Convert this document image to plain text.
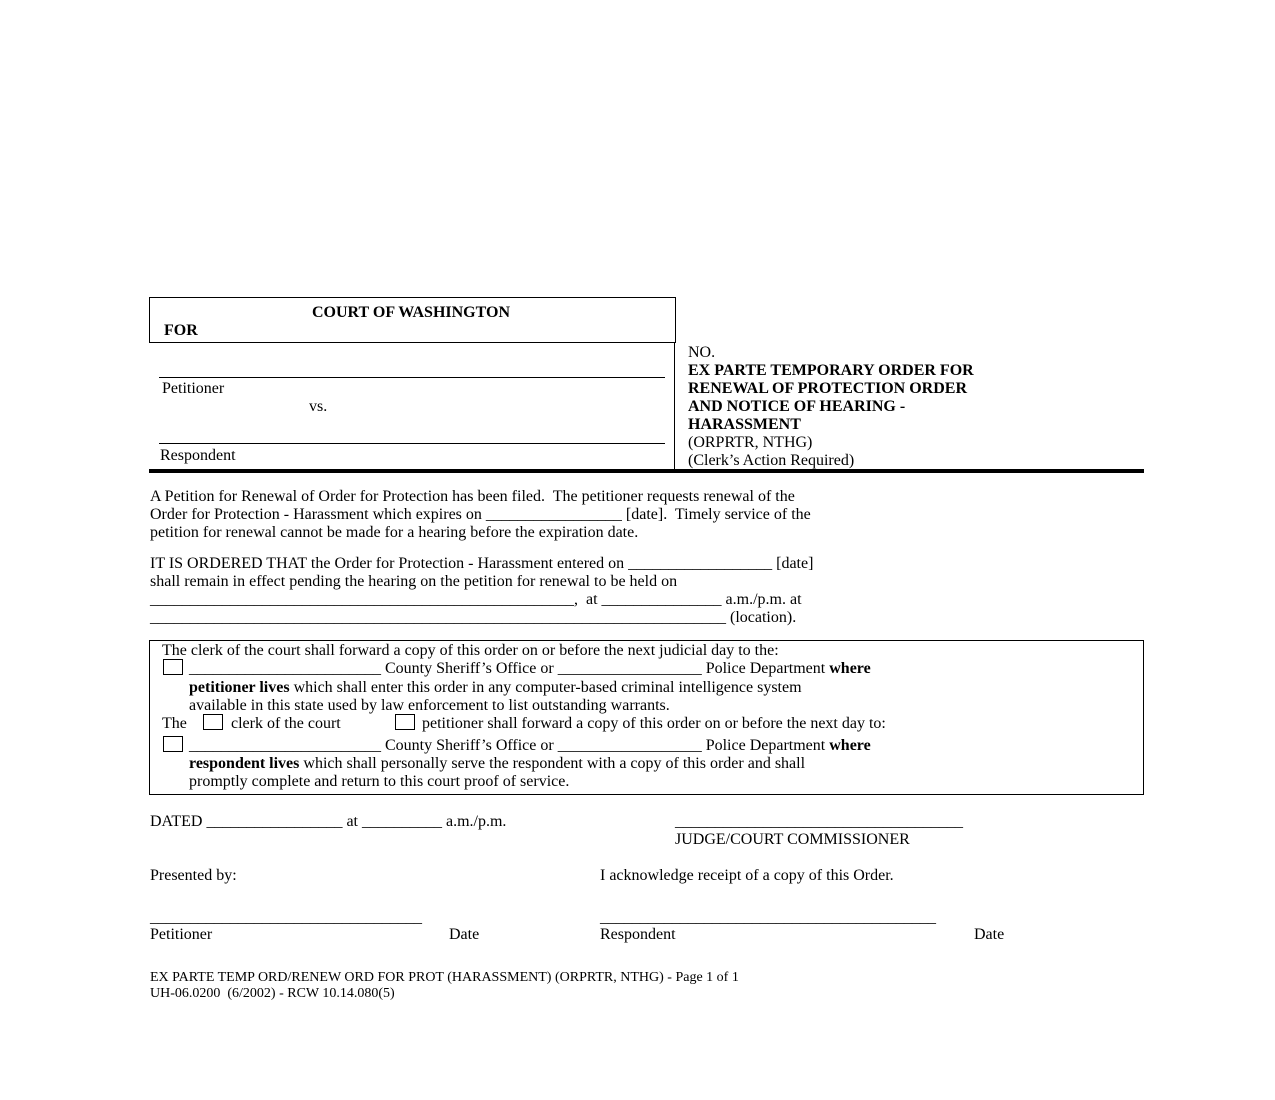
COURT OF WASHINGTON
FOR
Petitioner
vs.
Respondent
NO.
EX PARTE TEMPORARY ORDER FOR
RENEWAL OF PROTECTION ORDER
AND NOTICE OF HEARING -
HARASSMENT
(ORPRTR, NTHG)
(Clerk’s Action Required)
A Petition for Renewal of Order for Protection has been filed.  The petitioner requests renewal of the
Order for Protection - Harassment which expires on _________________ [date].  Timely service of the
petition for renewal cannot be made for a hearing before the expiration date.
IT IS ORDERED THAT the Order for Protection - Harassment entered on __________________ [date]
shall remain in effect pending the hearing on the petition for renewal to be held on
_____________________________________________________,  at _______________ a.m./p.m. at
________________________________________________________________________ (location).
The clerk of the court shall forward a copy of this order on or before the next judicial day to the:
________________________ County Sheriff’s Office or __________________ Police Department where
petitioner lives which shall enter this order in any computer-based criminal intelligence system
available in this state used by law enforcement to list outstanding warrants.
The	clerk of the court	petitioner shall forward a copy of this order on or before the next day to:
________________________ County Sheriff’s Office or __________________ Police Department where
respondent lives which shall personally serve the respondent with a copy of this order and shall
promptly complete and return to this court proof of service.
DATED _________________ at __________ a.m./p.m.	____________________________________
JUDGE/COURT COMMISSIONER
Presented by:	I acknowledge receipt of a copy of this Order.
__________________________________	__________________________________________
Petitioner	Date	Respondent	Date
EX PARTE TEMP ORD/RENEW ORD FOR PROT (HARASSMENT) (ORPRTR, NTHG) - Page 1 of 1
UH-06.0200  (6/2002) - RCW 10.14.080(5)
